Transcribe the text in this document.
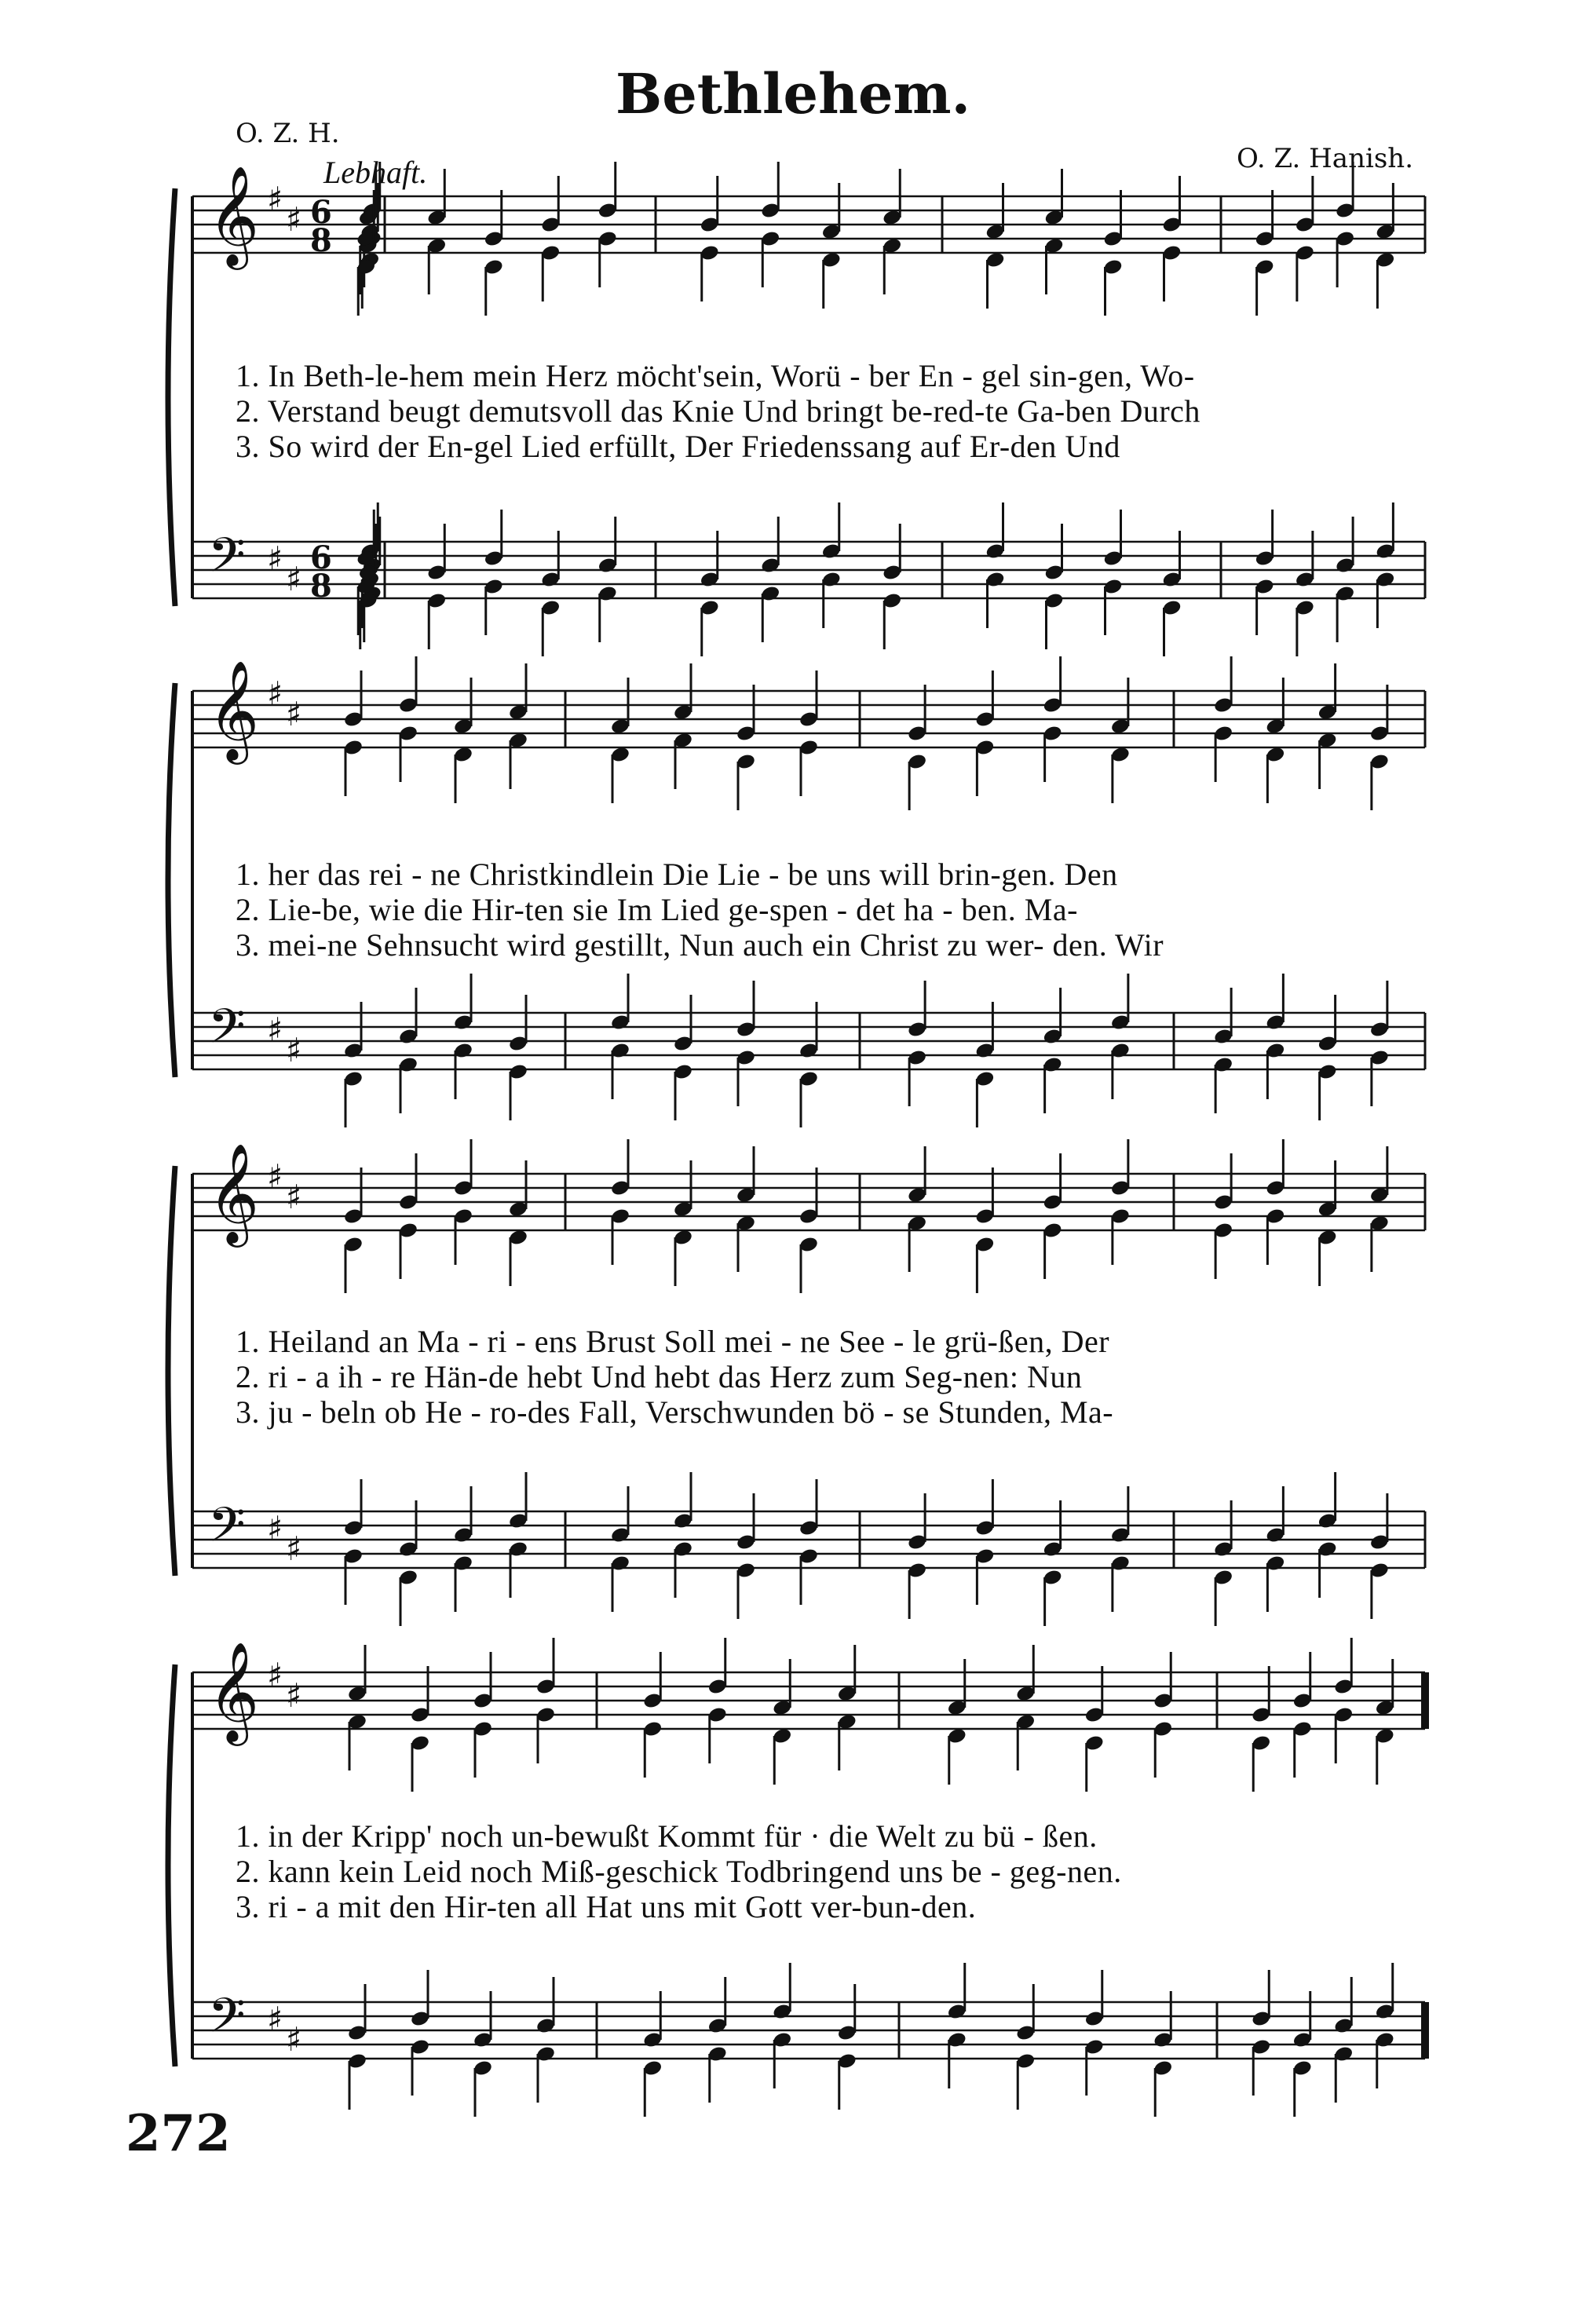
Bethlehem.
O. Z. H.
O. Z. Hanish.
Lebhaft.
𝄞 ♯
♯ 6
8
𝄢 ♯
♯
6
8
𝄞 ♯
♯
𝄢 ♯
♯
𝄞 ♯
♯
𝄢 ♯
♯
𝄞 ♯
♯
𝄢 ♯
♯
1. In Beth-le-hem mein Herz möcht'sein, Worü - ber En - gel sin-gen, Wo-
2. Verstand beugt demutsvoll das Knie Und bringt be-red-te Ga-ben Durch
3. So wird der En-gel Lied erfüllt, Der Friedenssang auf Er-den Und
1. her das rei - ne Christkindlein Die Lie - be uns will brin-gen. Den
2. Lie-be, wie die Hir-ten sie Im Lied ge-spen - det ha - ben. Ma-
3. mei-ne Sehnsucht wird gestillt, Nun auch ein Christ zu wer- den. Wir
1. Heiland an Ma - ri - ens Brust Soll mei - ne See - le grü-ßen, Der
2. ri - a ih - re Hän-de hebt Und hebt das Herz zum Seg-nen: Nun
3. ju - beln ob He - ro-des Fall, Verschwunden bö - se Stunden, Ma-
1. in der Kripp' noch un-bewußt Kommt für · die Welt zu bü - ßen.
2. kann kein Leid noch Miß-geschick Todbringend uns be - geg-nen.
3. ri - a mit den Hir-ten all Hat uns mit Gott ver-bun-den.
272
